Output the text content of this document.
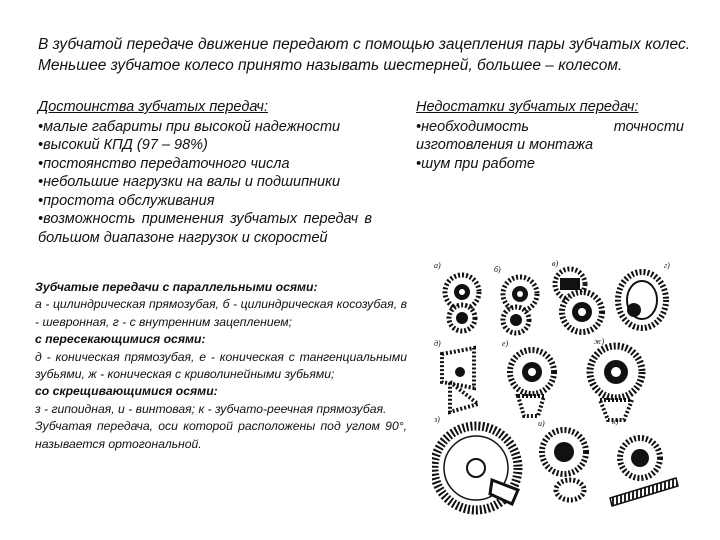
В зубчатой передаче движение передают с помощью зацепления пары зубчатых колес. Меньшее зубчатое колесо принято называть шестерней, большее – колесом.
Достоинства зубчатых передач:
•малые габариты при высокой надежности
•высокий КПД (97 – 98%)
•постоянство передаточного числа
•небольшие нагрузки на валы и подшипники
•простота обслуживания
•возможность применения зубчатых передач в большом диапазоне нагрузок и скоростей
Недостатки зубчатых передач:
•необходимость точности изготовления и монтажа
•шум при работе
Зубчатые передачи с параллельными осями:
а - цилиндрическая прямозубая, б - цилиндрическая косозубая, в - шевронная, г - с внутренним зацеплением;
с пересекающимися осями:
д - коническая прямозубая, е - коническая с тангенциальными зубьями, ж - коническая с криволинейными зубьями;
со скрещивающимися осями:
з - гипоидная, и - винтовая; к - зубчато-реечная прямозубая.
Зубчатая передача, оси которой расположены под углом 90°, называется ортогональной.
а)	б)
в)	г)
д)	е)	ж)
з)	и)	к)
